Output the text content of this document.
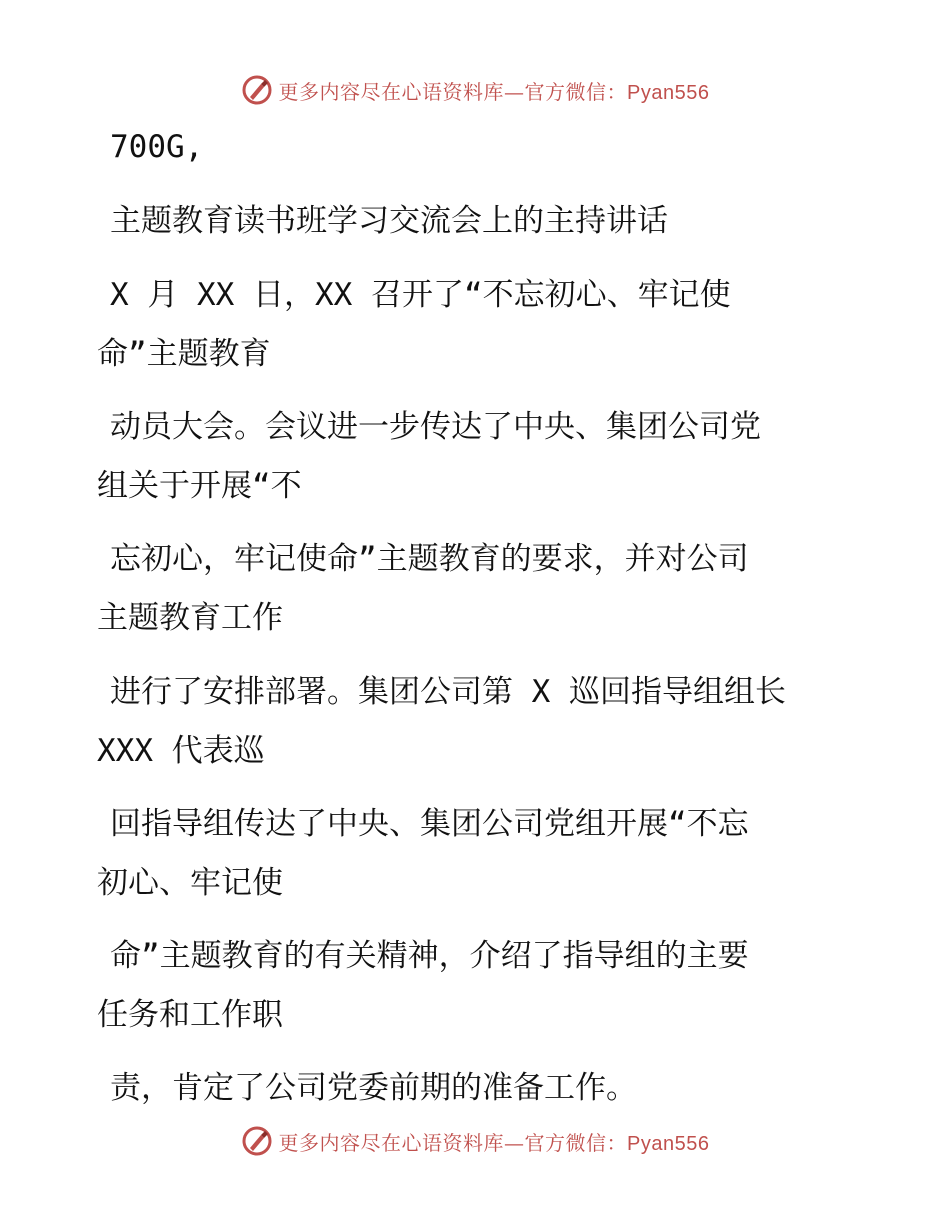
更多内容尽在心语资料库—官方微信：Pyan556
700G,
主题教育读书班学习交流会上的主持讲话
X 月 XX 日，XX 召开了“不忘初心、牢记使
命”主题教育
动员大会。会议进一步传达了中央、集团公司党
组关于开展“不
忘初心，牢记使命”主题教育的要求，并对公司
主题教育工作
进行了安排部署。集团公司第 X 巡回指导组组长
XXX 代表巡
回指导组传达了中央、集团公司党组开展“不忘
初心、牢记使
命”主题教育的有关精神，介绍了指导组的主要
任务和工作职
责，肯定了公司党委前期的准备工作。
更多内容尽在心语资料库—官方微信：Pyan556
